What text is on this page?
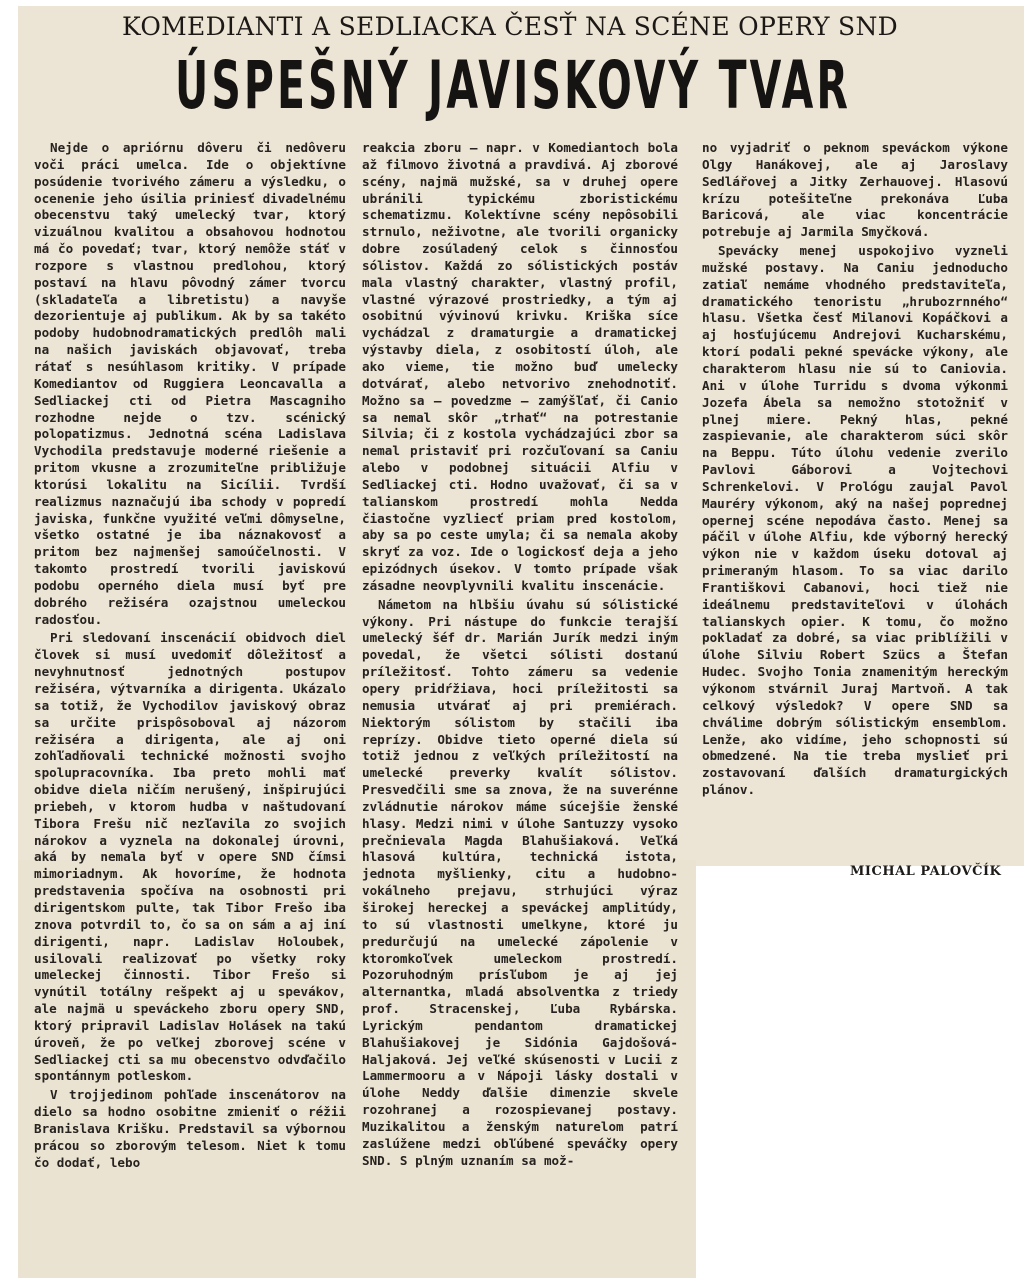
KOMEDIANTI A SEDLIACKA ČESŤ NA SCÉNE OPERY SND
ÚSPEŠNÝ JAVISKOVÝ TVAR

Nejde o apriórnu dôveru či nedôveru voči práci umelca. Ide o objektívne posúdenie tvorivého zámeru a výsledku, o ocenenie jeho úsilia priniesť divadelnému obecenstvu taký umelecký tvar, ktorý vizuálnou kvalitou a obsahovou hodnotou má čo povedať; tvar, ktorý nemôže stáť v rozpore s vlastnou predlohou, ktorý postaví na hlavu pôvodný zámer tvorcu (skladateľa a libretistu) a navyše dezorientuje aj publikum. Ak by sa takéto podoby hudobnodramatických predlôh mali na našich javiskách objavovať, treba rátať s nesúhlasom kritiky. V prípade Komediantov od Ruggiera Leoncavalla a Sedliackej cti od Pietra Mascagniho rozhodne nejde o tzv. scénický polopatizmus. Jednotná scéna Ladislava Vychodila predstavuje moderné riešenie a pritom vkusne a zrozumiteľne približuje ktorúsi lokalitu na Sicílii. Tvrdší realizmus naznačujú iba schody v popredí javiska, funkčne využité veľmi dômyselne, všetko ostatné je iba náznakovosť a pritom bez najmenšej samoúčelnosti. V takomto prostredí tvorili javiskovú podobu operného diela musí byť pre dobrého režiséra ozajstnou umeleckou radosťou.

Pri sledovaní inscenácií obidvoch diel človek si musí uvedomiť dôležitosť a nevyhnutnosť jednotných postupov režiséra, výtvarníka a dirigenta. Ukázalo sa totiž, že Vychodilov javiskový obraz sa určite prispôsoboval aj názorom režiséra a dirigenta, ale aj oni zohľadňovali technické možnosti svojho spolupracovníka. Iba preto mohli mať obidve diela ničím nerušený, inšpirujúci priebeh, v ktorom hudba v naštudovaní Tibora Frešu nič nezľavila zo svojich nárokov a vyznela na dokonalej úrovni, aká by nemala byť v opere SND čímsi mimoriadnym. Ak hovoríme, že hodnota predstavenia spočíva na osobnosti pri dirigentskom pulte, tak Tibor Frešo iba znova potvrdil to, čo sa on sám a aj iní dirigenti, napr. Ladislav Holoubek, usilovali realizovať po všetky roky umeleckej činnosti. Tibor Frešo si vynútil totálny rešpekt aj u spevákov, ale najmä u speváckeho zboru opery SND, ktorý pripravil Ladislav Holásek na takú úroveň, že po veľkej zborovej scéne v Sedliackej cti sa mu obecenstvo odvďačilo spontánnym potleskom.

V trojjedinom pohľade inscenátorov na dielo sa hodno osobitne zmieniť o réžii Branislava Krišku. Predstavil sa výbornou prácou so zborovým telesom. Niet k tomu čo dodať, lebo

reakcia zboru — napr. v Komediantoch bola až filmovo životná a pravdivá. Aj zborové scény, najmä mužské, sa v druhej opere ubránili typickému zboristickému schematizmu. Kolektívne scény nepôsobili strnulo, neživotne, ale tvorili organicky dobre zosúladený celok s činnosťou sólistov. Každá zo sólistických postáv mala vlastný charakter, vlastný profil, vlastné výrazové prostriedky, a tým aj osobitnú vývinovú krivku. Kriška síce vychádzal z dramaturgie a dramatickej výstavby diela, z osobitostí úloh, ale ako vieme, tie možno buď umelecky dotvárať, alebo netvorivo znehodnotiť. Možno sa — povedzme — zamýšľať, či Canio sa nemal skôr „trhať“ na potrestanie Silvia; či z kostola vychádzajúci zbor sa nemal pristaviť pri rozčuľovaní sa Caniu alebo v podobnej situácii Alfiu v Sedliackej cti. Hodno uvažovať, či sa v talianskom prostredí mohla Nedda čiastočne vyzliecť priam pred kostolom, aby sa po ceste umyla; či sa nemala akoby skryť za voz. Ide o logickosť deja a jeho epizódnych úsekov. V tomto prípade však zásadne neovplyvnili kvalitu inscenácie.

Námetom na hlbšiu úvahu sú sólistické výkony. Pri nástupe do funkcie terajší umelecký šéf dr. Marián Jurík medzi iným povedal, že všetci sólisti dostanú príležitosť. Tohto zámeru sa vedenie opery pridŕžiava, hoci príležitosti sa nemusia utvárať aj pri premiérach. Niektorým sólistom by stačili iba reprízy. Obidve tieto operné diela sú totiž jednou z veľkých príležitostí na umelecké preverky kvalít sólistov. Presvedčili sme sa znova, že na suverénne zvládnutie nárokov máme súcejšie ženské hlasy. Medzi nimi v úlohe Santuzzy vysoko prečnievala Magda Blahušiaková. Veľká hlasová kultúra, technická istota, jednota myšlienky, citu a hudobno-vokálneho prejavu, strhujúci výraz širokej hereckej a speváckej amplitúdy, to sú vlastnosti umelkyne, ktoré ju predurčujú na umelecké zápolenie v ktoromkoľvek umeleckom prostredí. Pozoruhodným prísľubom je aj jej alternantka, mladá absolventka z triedy prof. Stracenskej, Ľuba Rybárska. Lyrickým pendantom dramatickej Blahušiakovej je Sidónia Gajdošová-Haljaková. Jej veľké skúsenosti v Lucii z Lammermooru a v Nápoji lásky dostali v úlohe Neddy ďalšie dimenzie skvele rozohranej a rozospievanej postavy. Muzikalitou a ženským naturelom patrí zaslúžene medzi obľúbené speváčky opery SND. S plným uznaním sa mož-

no vyjadriť o peknom speváckom výkone Olgy Hanákovej, ale aj Jaroslavy Sedlářovej a Jitky Zerhauovej. Hlasovú krízu potešiteľne prekonáva Ľuba Baricová, ale viac koncentrácie potrebuje aj Jarmila Smyčková.

Spevácky menej uspokojivo vyzneli mužské postavy. Na Caniu jednoducho zatiaľ nemáme vhodného predstaviteľa, dramatického tenoristu „hrubozrnného“ hlasu. Všetka česť Milanovi Kopáčkovi a aj hosťujúcemu Andrejovi Kucharskému, ktorí podali pekné spevácke výkony, ale charakterom hlasu nie sú to Caniovia. Ani v úlohe Turridu s dvoma výkonmi Jozefa Ábela sa nemožno stotožniť v plnej miere. Pekný hlas, pekné zaspievanie, ale charakterom súci skôr na Beppu. Túto úlohu vedenie zverilo Pavlovi Gáborovi a Vojtechovi Schrenkelovi. V Prológu zaujal Pavol Mauréry výkonom, aký na našej poprednej opernej scéne nepodáva často. Menej sa páčil v úlohe Alfiu, kde výborný herecký výkon nie v každom úseku dotoval aj primeraným hlasom. To sa viac darilo Františkovi Cabanovi, hoci tiež nie ideálnemu predstaviteľovi v úlohách talianskych opier. K tomu, čo možno pokladať za dobré, sa viac priblížili v úlohe Silviu Robert Szücs a Štefan Hudec. Svojho Tonia znamenitým hereckým výkonom stvárnil Juraj Martvoň. A tak celkový výsledok? V opere SND sa chválime dobrým sólistickým ensemblom. Lenže, ako vidíme, jeho schopnosti sú obmedzené. Na tie treba myslieť pri zostavovaní ďalších dramaturgických plánov.

MICHAL PALOVČÍK
